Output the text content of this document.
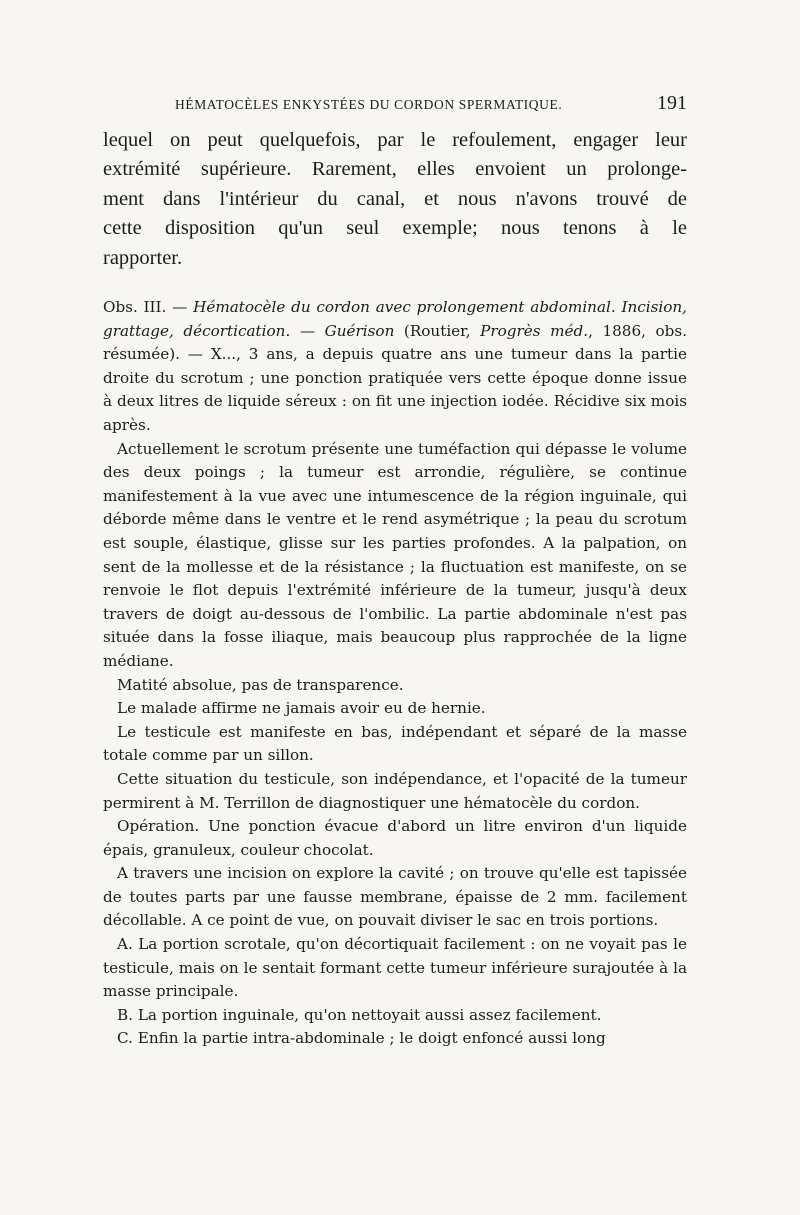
HÉMATOCÈLES ENKYSTÉES DU CORDON SPERMATIQUE.	191
lequel on peut quelquefois, par le refoulement, engager leur
extrémité supérieure. Rarement, elles envoient un prolonge-
ment dans l'intérieur du canal, et nous n'avons trouvé de
cette disposition qu'un seul exemple; nous tenons à le
rapporter.

Obs. III. — Hématocèle du cordon avec prolongement abdominal. Incision, grattage, décortication. — Guérison (Routier, Progrès méd., 1886, obs. résumée). — X..., 3 ans, a depuis quatre ans une tumeur dans la partie droite du scrotum ; une ponction pratiquée vers cette époque donne issue à deux litres de liquide séreux : on fit une injection iodée. Récidive six mois après.

Actuellement le scrotum présente une tuméfaction qui dépasse le volume des deux poings ; la tumeur est arrondie, régulière, se continue manifestement à la vue avec une intumescence de la région inguinale, qui déborde même dans le ventre et le rend asymétrique ; la peau du scrotum est souple, élastique, glisse sur les parties profondes. A la palpation, on sent de la mollesse et de la résistance ; la fluctuation est manifeste, on se renvoie le flot depuis l'extrémité inférieure de la tumeur, jusqu'à deux travers de doigt au-dessous de l'ombilic. La partie abdominale n'est pas située dans la fosse iliaque, mais beaucoup plus rapprochée de la ligne médiane.

Matité absolue, pas de transparence.

Le malade affirme ne jamais avoir eu de hernie.

Le testicule est manifeste en bas, indépendant et séparé de la masse totale comme par un sillon.

Cette situation du testicule, son indépendance, et l'opacité de la tumeur permirent à M. Terrillon de diagnostiquer une hématocèle du cordon.

Opération. Une ponction évacue d'abord un litre environ d'un liquide épais, granuleux, couleur chocolat.

A travers une incision on explore la cavité ; on trouve qu'elle est tapissée de toutes parts par une fausse membrane, épaisse de 2 mm. facilement décollable. A ce point de vue, on pouvait diviser le sac en trois portions.

A. La portion scrotale, qu'on décortiquait facilement : on ne voyait pas le testicule, mais on le sentait formant cette tumeur inférieure surajoutée à la masse principale.

B. La portion inguinale, qu'on nettoyait aussi assez facilement.

C. Enfin la partie intra-abdominale ; le doigt enfoncé aussi long
